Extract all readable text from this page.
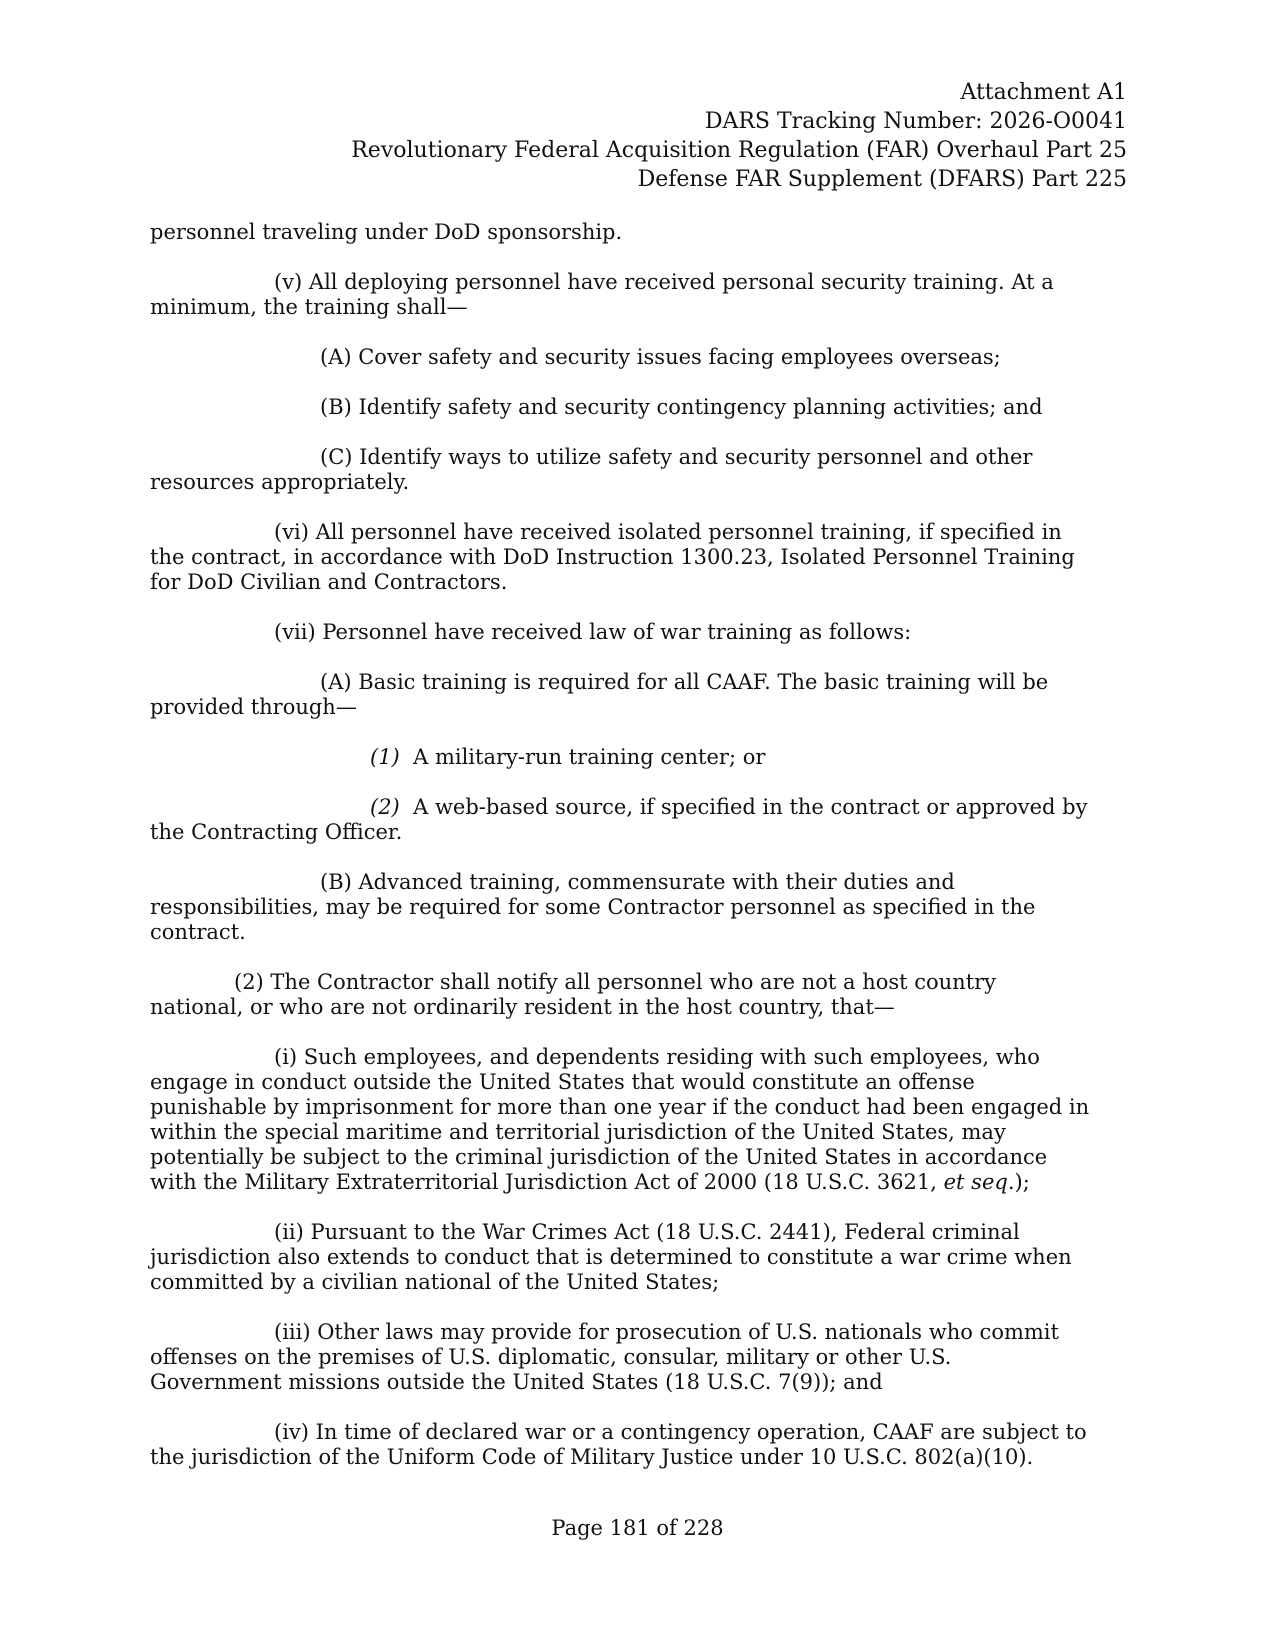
Attachment A1
DARS Tracking Number: 2026-O0041
Revolutionary Federal Acquisition Regulation (FAR) Overhaul Part 25
Defense FAR Supplement (DFARS) Part 225
personnel traveling under DoD sponsorship.
(v) All deploying personnel have received personal security training. At a
minimum, the training shall—
(A) Cover safety and security issues facing employees overseas;
(B) Identify safety and security contingency planning activities; and
(C) Identify ways to utilize safety and security personnel and other
resources appropriately.
(vi) All personnel have received isolated personnel training, if specified in
the contract, in accordance with DoD Instruction 1300.23, Isolated Personnel Training
for DoD Civilian and Contractors.
(vii) Personnel have received law of war training as follows:
(A) Basic training is required for all CAAF. The basic training will be
provided through—
(1)  A military-run training center; or
(2)  A web-based source, if specified in the contract or approved by
the Contracting Officer.
(B) Advanced training, commensurate with their duties and
responsibilities, may be required for some Contractor personnel as specified in the
contract.
(2) The Contractor shall notify all personnel who are not a host country
national, or who are not ordinarily resident in the host country, that—
(i) Such employees, and dependents residing with such employees, who
engage in conduct outside the United States that would constitute an offense
punishable by imprisonment for more than one year if the conduct had been engaged in
within the special maritime and territorial jurisdiction of the United States, may
potentially be subject to the criminal jurisdiction of the United States in accordance
with the Military Extraterritorial Jurisdiction Act of 2000 (18 U.S.C. 3621, et seq.);
(ii) Pursuant to the War Crimes Act (18 U.S.C. 2441), Federal criminal
jurisdiction also extends to conduct that is determined to constitute a war crime when
committed by a civilian national of the United States;
(iii) Other laws may provide for prosecution of U.S. nationals who commit
offenses on the premises of U.S. diplomatic, consular, military or other U.S.
Government missions outside the United States (18 U.S.C. 7(9)); and
(iv) In time of declared war or a contingency operation, CAAF are subject to
the jurisdiction of the Uniform Code of Military Justice under 10 U.S.C. 802(a)(10).
Page 181 of 228
